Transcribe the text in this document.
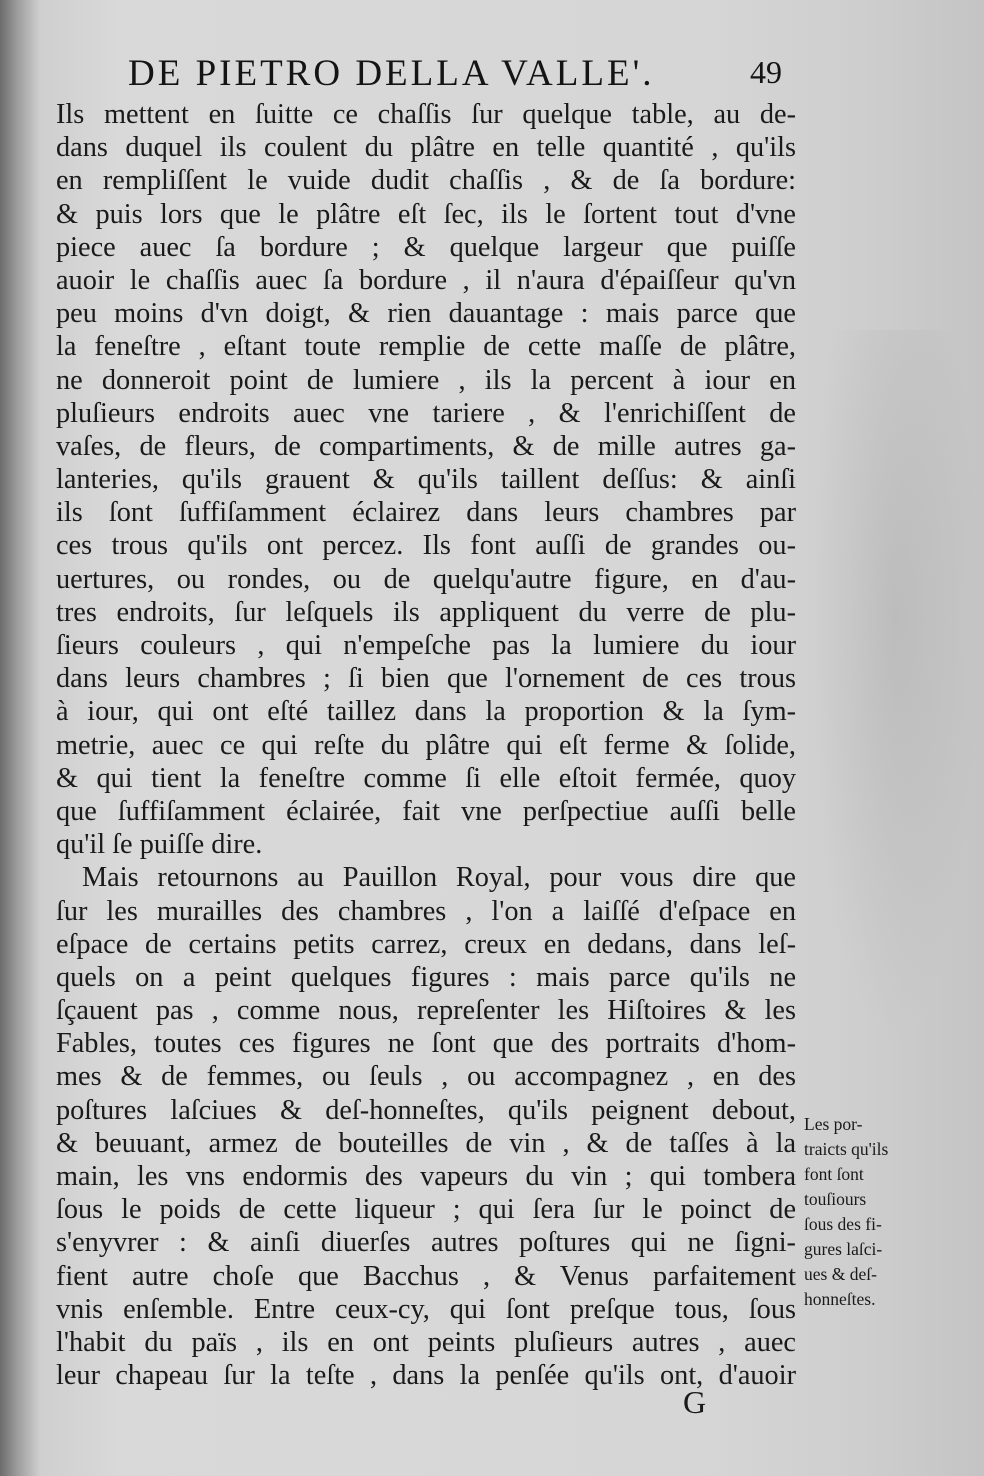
DE PIETRO DELLA VALLE'.	49
Ils mettent en ſuitte ce chaſſis ſur quelque table, au de-
dans duquel ils coulent du plâtre en telle quantité , qu'ils
en rempliſſent le vuide dudit chaſſis , & de ſa bordure:
& puis lors que le plâtre eſt ſec, ils le ſortent tout d'vne
piece auec ſa bordure ; & quelque largeur que puiſſe
auoir le chaſſis auec ſa bordure , il n'aura d'épaiſſeur qu'vn
peu moins d'vn doigt, & rien dauantage : mais parce que
la feneſtre , eſtant toute remplie de cette maſſe de plâtre,
ne donneroit point de lumiere , ils la percent à iour en
pluſieurs endroits auec vne tariere , & l'enrichiſſent de
vaſes, de fleurs, de compartiments, & de mille autres ga-
lanteries, qu'ils grauent & qu'ils taillent deſſus: & ainſi
ils ſont ſuffiſamment éclairez dans leurs chambres par
ces trous qu'ils ont percez. Ils font auſſi de grandes ou-
uertures, ou rondes, ou de quelqu'autre figure, en d'au-
tres endroits, ſur leſquels ils appliquent du verre de plu-
ſieurs couleurs , qui n'empeſche pas la lumiere du iour
dans leurs chambres ; ſi bien que l'ornement de ces trous
à iour, qui ont eſté taillez dans la proportion & la ſym-
metrie, auec ce qui reſte du plâtre qui eſt ferme & ſolide,
& qui tient la feneſtre comme ſi elle eſtoit fermée, quoy
que ſuffiſamment éclairée, fait vne perſpectiue auſſi belle
qu'il ſe puiſſe dire.
Mais retournons au Pauillon Royal, pour vous dire que
ſur les murailles des chambres , l'on a laiſſé d'eſpace en
eſpace de certains petits carrez, creux en dedans, dans leſ-
quels on a peint quelques figures : mais parce qu'ils ne
ſçauent pas , comme nous, repreſenter les Hiſtoires & les
Fables, toutes ces figures ne ſont que des portraits d'hom-
mes & de femmes, ou ſeuls , ou accompagnez , en des
poſtures laſciues & deſ-honneſtes, qu'ils peignent debout,
& beuuant, armez de bouteilles de vin , & de taſſes à la
main, les vns endormis des vapeurs du vin ; qui tombera
ſous le poids de cette liqueur ; qui ſera ſur le poinct de
s'enyvrer : & ainſi diuerſes autres poſtures qui ne ſigni-
fient autre choſe que Bacchus , & Venus parfaitement
vnis enſemble. Entre ceux-cy, qui ſont preſque tous, ſous
l'habit du païs , ils en ont peints pluſieurs autres , auec
leur chapeau ſur la teſte , dans la penſée qu'ils ont, d'auoir
Les por-
traicts qu'ils
font ſont
touſiours
ſous des fi-
gures laſci-
ues & deſ-
honneſtes.
G
